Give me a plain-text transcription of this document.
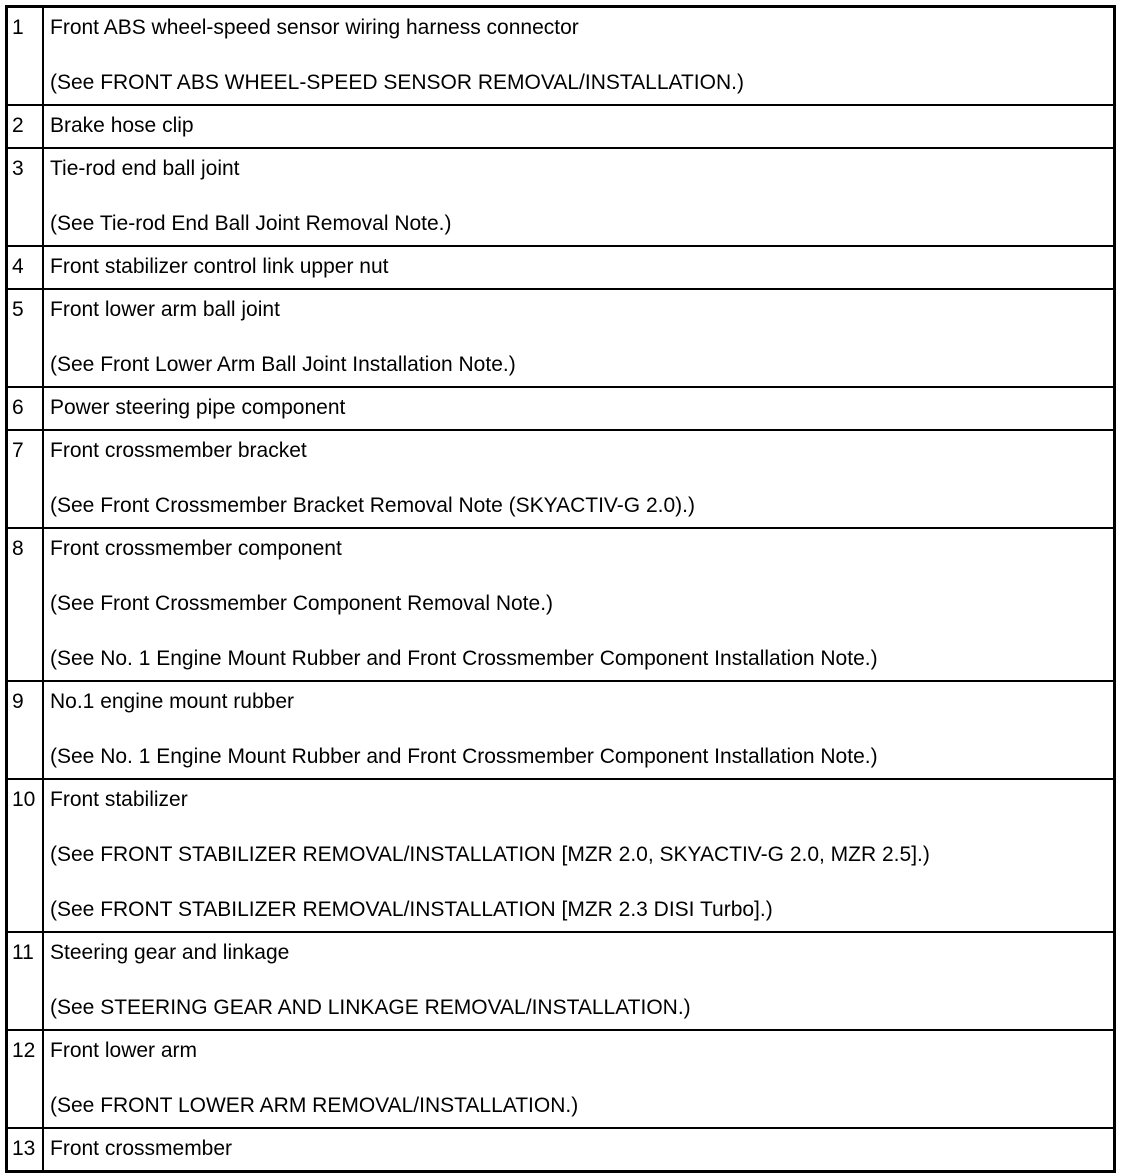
1	Front ABS wheel-speed sensor wiring harness connector
(See FRONT ABS WHEEL-SPEED SENSOR REMOVAL/INSTALLATION.)
2	Brake hose clip
3	Tie-rod end ball joint
(See Tie-rod End Ball Joint Removal Note.)
4	Front stabilizer control link upper nut
5	Front lower arm ball joint
(See Front Lower Arm Ball Joint Installation Note.)
6	Power steering pipe component
7	Front crossmember bracket
(See Front Crossmember Bracket Removal Note (SKYACTIV-G 2.0).)
8	Front crossmember component
(See Front Crossmember Component Removal Note.)
(See No. 1 Engine Mount Rubber and Front Crossmember Component Installation Note.)
9	No.1 engine mount rubber
(See No. 1 Engine Mount Rubber and Front Crossmember Component Installation Note.)
10 Front stabilizer
(See FRONT STABILIZER REMOVAL/INSTALLATION [MZR 2.0, SKYACTIV-G 2.0, MZR 2.5].)
(See FRONT STABILIZER REMOVAL/INSTALLATION [MZR 2.3 DISI Turbo].)
11 Steering gear and linkage
(See STEERING GEAR AND LINKAGE REMOVAL/INSTALLATION.)
12 Front lower arm
(See FRONT LOWER ARM REMOVAL/INSTALLATION.)
13 Front crossmember
